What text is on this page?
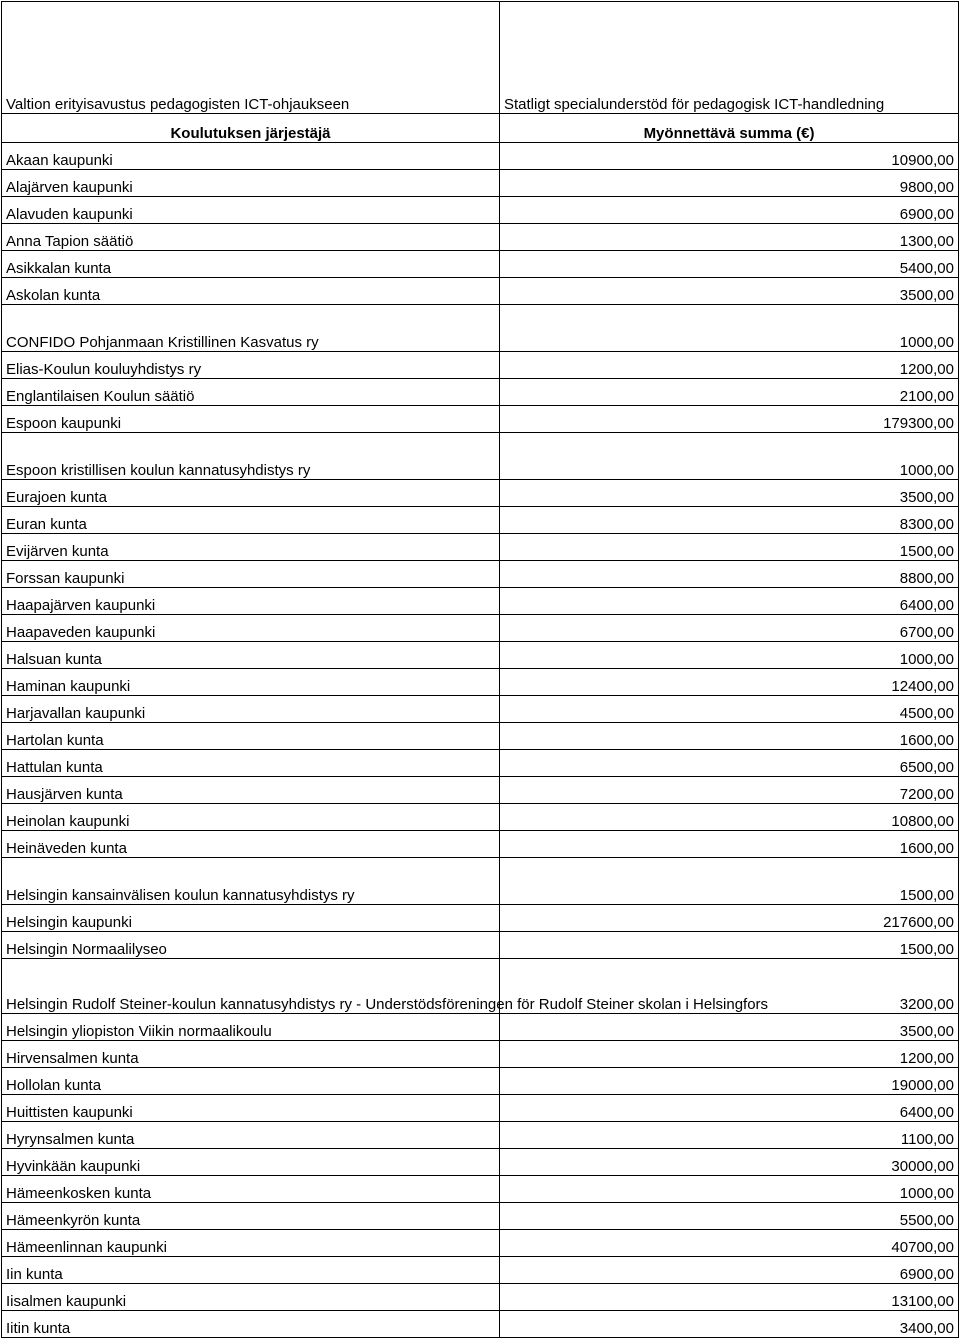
Valtion erityisavustus pedagogisten ICT-ohjaukseen	Statligt specialunderstöd för pedagogisk ICT-handledning
Koulutuksen järjestäjä	Myönnettävä summa (€)
Akaan kaupunki	10900,00
Alajärven kaupunki	9800,00
Alavuden kaupunki	6900,00
Anna Tapion säätiö	1300,00
Asikkalan kunta	5400,00
Askolan kunta	3500,00
CONFIDO Pohjanmaan Kristillinen Kasvatus ry	1000,00
Elias-Koulun kouluyhdistys ry	1200,00
Englantilaisen Koulun säätiö	2100,00
Espoon kaupunki	179300,00
Espoon kristillisen koulun kannatusyhdistys ry	1000,00
Eurajoen kunta	3500,00
Euran kunta	8300,00
Evijärven kunta	1500,00
Forssan kaupunki	8800,00
Haapajärven kaupunki	6400,00
Haapaveden kaupunki	6700,00
Halsuan kunta	1000,00
Haminan kaupunki	12400,00
Harjavallan kaupunki	4500,00
Hartolan kunta	1600,00
Hattulan kunta	6500,00
Hausjärven kunta	7200,00
Heinolan kaupunki	10800,00
Heinäveden kunta	1600,00
Helsingin kansainvälisen koulun kannatusyhdistys ry	1500,00
Helsingin kaupunki	217600,00
Helsingin Normaalilyseo	1500,00
Helsingin Rudolf Steiner-koulun kannatusyhdistys ry - Understödsföreningen för Rudolf Steiner skolan i Helsingfors	3200,00
Helsingin yliopiston Viikin normaalikoulu	3500,00
Hirvensalmen kunta	1200,00
Hollolan kunta	19000,00
Huittisten kaupunki	6400,00
Hyrynsalmen kunta	1100,00
Hyvinkään kaupunki	30000,00
Hämeenkosken kunta	1000,00
Hämeenkyrön kunta	5500,00
Hämeenlinnan kaupunki	40700,00
Iin kunta	6900,00
Iisalmen kaupunki	13100,00
Iitin kunta	3400,00
